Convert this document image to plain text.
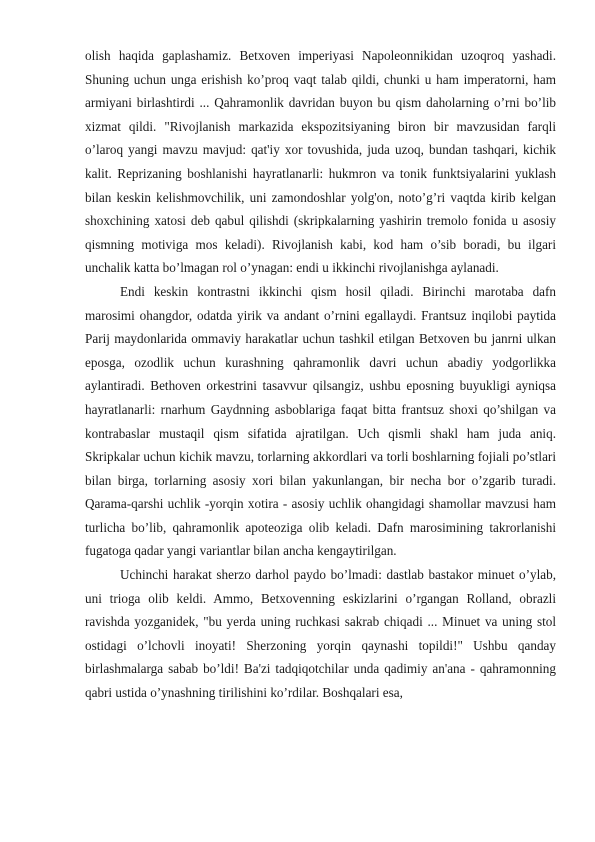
olish haqida gaplashamiz. Betxoven imperiyasi Napoleonnikidan uzoqroq yashadi. Shuning uchun unga erishish ko’proq vaqt talab qildi, chunki u ham imperatorni, ham armiyani birlashtirdi ... Qahramonlik davridan buyon bu qism daholarning o’rni bo’lib xizmat qildi. "Rivojlanish markazida ekspozitsiyaning biron bir mavzusidan farqli o’laroq yangi mavzu mavjud: qat'iy xor tovushida, juda uzoq, bundan tashqari, kichik kalit. Reprizaning boshlanishi hayratlanarli: hukmron va tonik funktsiyalarini yuklash bilan keskin kelishmovchilik, uni zamondoshlar yolg'on, noto’g’ri vaqtda kirib kelgan shoxchining xatosi deb qabul qilishdi (skripkalarning yashirin tremolo fonida u asosiy qismning motiviga mos keladi). Rivojlanish kabi, kod ham o’sib boradi, bu ilgari unchalik katta bo’lmagan rol o’ynagan: endi u ikkinchi rivojlanishga aylanadi.

Endi keskin kontrastni ikkinchi qism hosil qiladi. Birinchi marotaba dafn marosimi ohangdor, odatda yirik va andant o’rnini egallaydi. Frantsuz inqilobi paytida Parij maydonlarida ommaviy harakatlar uchun tashkil etilgan Betxoven bu janrni ulkan eposga, ozodlik uchun kurashning qahramonlik davri uchun abadiy yodgorlikka aylantiradi. Bethoven orkestrini tasavvur qilsangiz, ushbu eposning buyukligi ayniqsa hayratlanarli: rnarhum Gaydnning asboblariga faqat bitta frantsuz shoxi qo’shilgan va kontrabaslar mustaqil qism sifatida ajratilgan. Uch qismli shakl ham juda aniq. Skripkalar uchun kichik mavzu, torlarning akkordlari va torli boshlarning fojiali po’stlari bilan birga, torlarning asosiy xori bilan yakunlangan, bir necha bor o’zgarib turadi. Qarama-qarshi uchlik -yorqin xotira - asosiy uchlik ohangidagi shamollar mavzusi ham turlicha bo’lib, qahramonlik apoteoziga olib keladi. Dafn marosimining takrorlanishi fugatoga qadar yangi variantlar bilan ancha kengaytirilgan.

Uchinchi harakat sherzo darhol paydo bo’lmadi: dastlab bastakor minuet o’ylab, uni trioga olib keldi. Ammo, Betxovenning eskizlarini o’rgangan Rolland, obrazli ravishda yozganidek, "bu yerda uning ruchkasi sakrab chiqadi ... Minuet va uning stol ostidagi o’lchovli inoyati! Sherzoning yorqin qaynashi topildi!" Ushbu qanday birlashmalarga sabab bo’ldi! Ba'zi tadqiqotchilar unda qadimiy an'ana - qahramonning qabri ustida o’ynashning tirilishini ko’rdilar. Boshqalari esa,
